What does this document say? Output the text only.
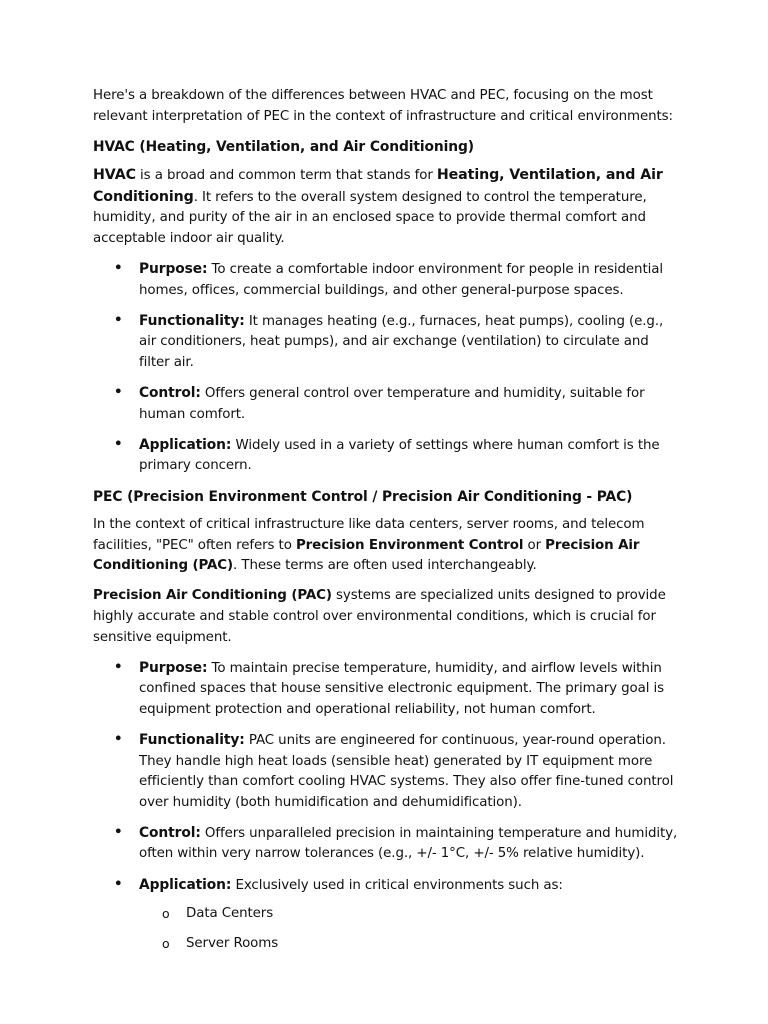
Here's a breakdown of the differences between HVAC and PEC, focusing on the most relevant interpretation of PEC in the context of infrastructure and critical environments:

HVAC (Heating, Ventilation, and Air Conditioning)

HVAC is a broad and common term that stands for Heating, Ventilation, and Air Conditioning. It refers to the overall system designed to control the temperature, humidity, and purity of the air in an enclosed space to provide thermal comfort and acceptable indoor air quality.

• Purpose: To create a comfortable indoor environment for people in residential homes, offices, commercial buildings, and other general-purpose spaces.
• Functionality: It manages heating (e.g., furnaces, heat pumps), cooling (e.g., air conditioners, heat pumps), and air exchange (ventilation) to circulate and filter air.
• Control: Offers general control over temperature and humidity, suitable for human comfort.
• Application: Widely used in a variety of settings where human comfort is the primary concern.
PEC (Precision Environment Control / Precision Air Conditioning - PAC)

In the context of critical infrastructure like data centers, server rooms, and telecom facilities, "PEC" often refers to Precision Environment Control or Precision Air Conditioning (PAC). These terms are often used interchangeably.

Precision Air Conditioning (PAC) systems are specialized units designed to provide highly accurate and stable control over environmental conditions, which is crucial for sensitive equipment.

• Purpose: To maintain precise temperature, humidity, and airflow levels within confined spaces that house sensitive electronic equipment. The primary goal is equipment protection and operational reliability, not human comfort.
• Functionality: PAC units are engineered for continuous, year-round operation. They handle high heat loads (sensible heat) generated by IT equipment more efficiently than comfort cooling HVAC systems. They also offer fine-tuned control over humidity (both humidification and dehumidification).
• Control: Offers unparalleled precision in maintaining temperature and humidity, often within very narrow tolerances (e.g., +/- 1°C, +/- 5% relative humidity).
• Application: Exclusively used in critical environments such as:
o Data Centers
o Server Rooms
